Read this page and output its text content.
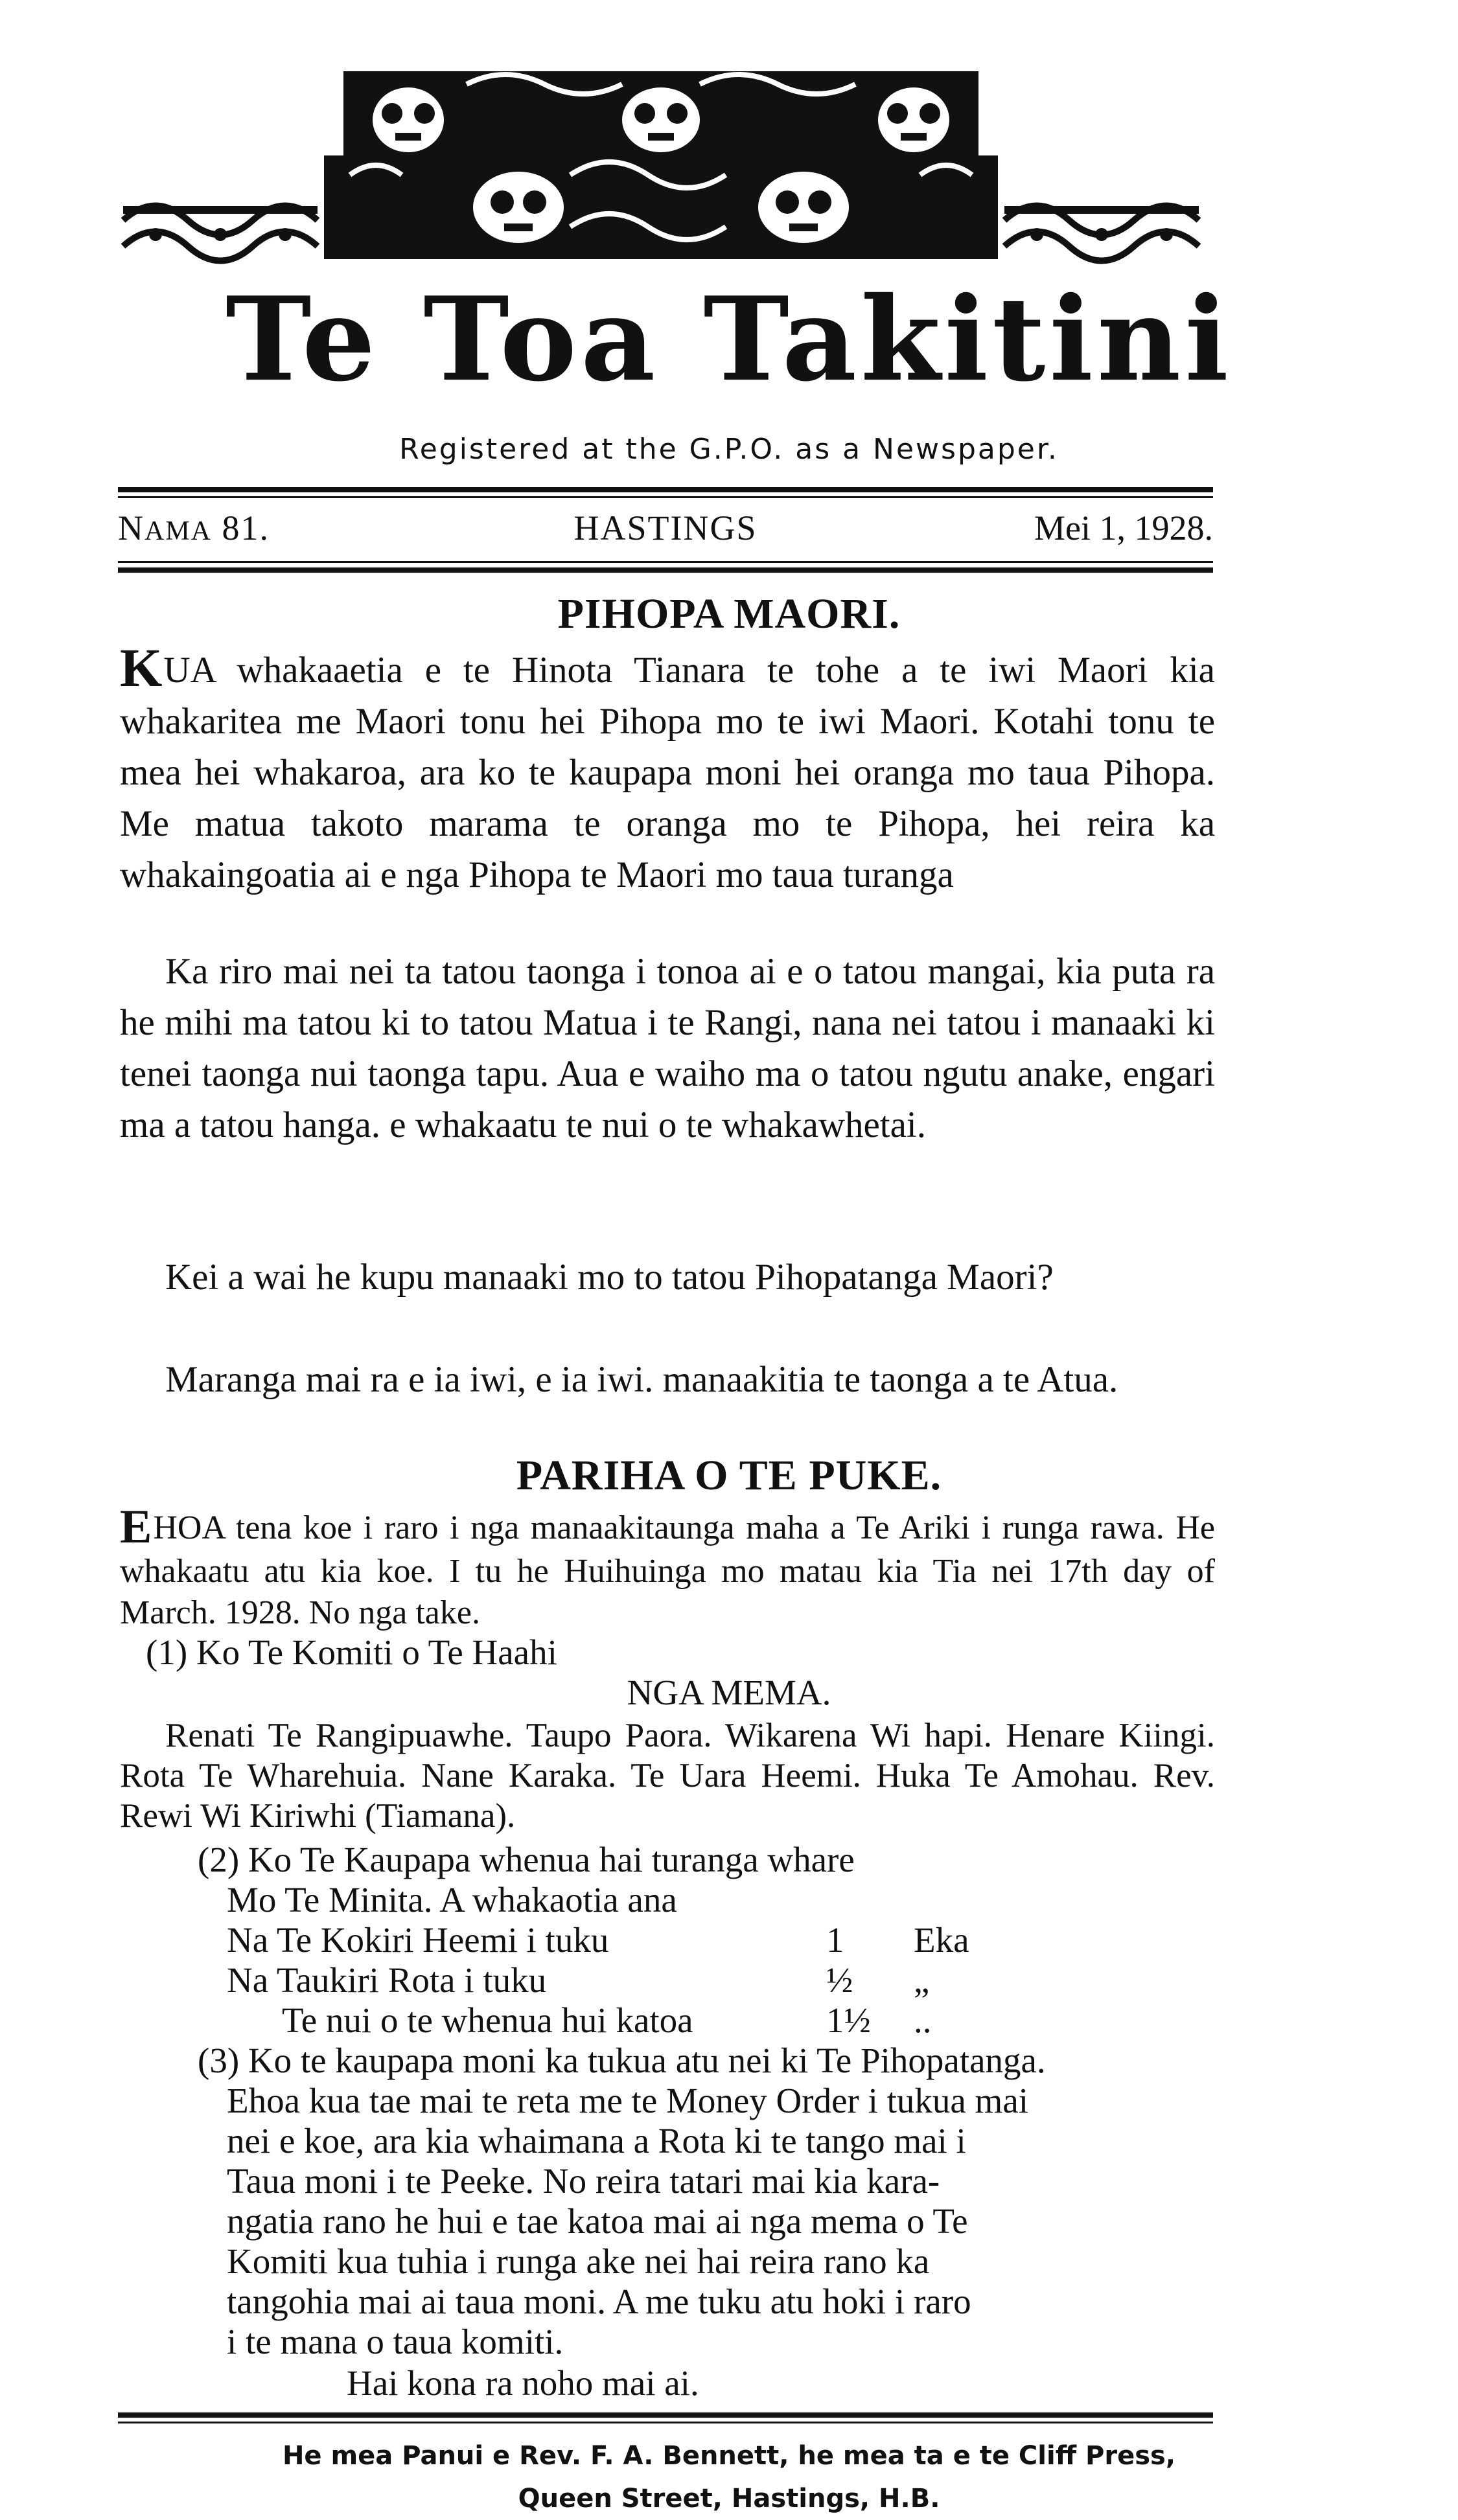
Te Toa Takitini
Registered at the G.P.O. as a Newspaper.
NAMA 81.	HASTINGS	Mei 1, 1928.
PIHOPA MAORI.
KUA whakaaetia e te Hinota Tianara te tohe a te iwi Maori kia whakaritea me Maori tonu hei Pihopa mo te iwi Maori. Kotahi tonu te mea hei whakaroa, ara ko te kaupapa moni hei oranga mo taua Pihopa. Me matua takoto marama te oranga mo te Pihopa, hei reira ka whakaingoatia ai e nga Pihopa te Maori mo taua turanga
Ka riro mai nei ta tatou taonga i tonoa ai e o tatou mangai, kia puta ra he mihi ma tatou ki to tatou Matua i te Rangi, nana nei tatou i manaaki ki tenei taonga nui taonga tapu. Aua e waiho ma o tatou ngutu anake, engari ma a tatou hanga. e whakaatu te nui o te whakawhetai.
Kei a wai he kupu manaaki mo to tatou Pihopatanga Maori?
Maranga mai ra e ia iwi, e ia iwi. manaakitia te taonga a te Atua.
PARIHA O TE PUKE.
EHOA tena koe i raro i nga manaakitaunga maha a Te Ariki i runga rawa. He whakaatu atu kia koe. I tu he Huihuinga mo matau kia Tia nei 17th day of March. 1928. No nga take.
(1) Ko Te Komiti o Te Haahi
NGA MEMA.
Renati Te Rangipuawhe. Taupo Paora. Wikarena Wi hapi. Henare Kiingi. Rota Te Wharehuia. Nane Karaka. Te Uara Heemi. Huka Te Amohau. Rev. Rewi Wi Kiriwhi (Tiamana).
(2) Ko Te Kaupapa whenua hai turanga whare
Mo Te Minita. A whakaotia ana
Na Te Kokiri Heemi i tuku
Na Taukiri Rota i tuku
Te nui o te whenua hui katoa
1
½
1½
Eka
„
..
(3) Ko te kaupapa moni ka tukua atu nei ki Te Pihopatanga.
Ehoa kua tae mai te reta me te Money Order i tukua mai
nei e koe, ara kia whaimana a Rota ki te tango mai i
Taua moni i te Peeke. No reira tatari mai kia kara-
ngatia rano he hui e tae katoa mai ai nga mema o Te
Komiti kua tuhia i runga ake nei hai reira rano ka
tangohia mai ai taua moni. A me tuku atu hoki i raro
i te mana o taua komiti.
Hai kona ra noho mai ai.
He mea Panui e Rev. F. A. Bennett, he mea ta e te Cliff Press,
Queen Street, Hastings, H.B.
